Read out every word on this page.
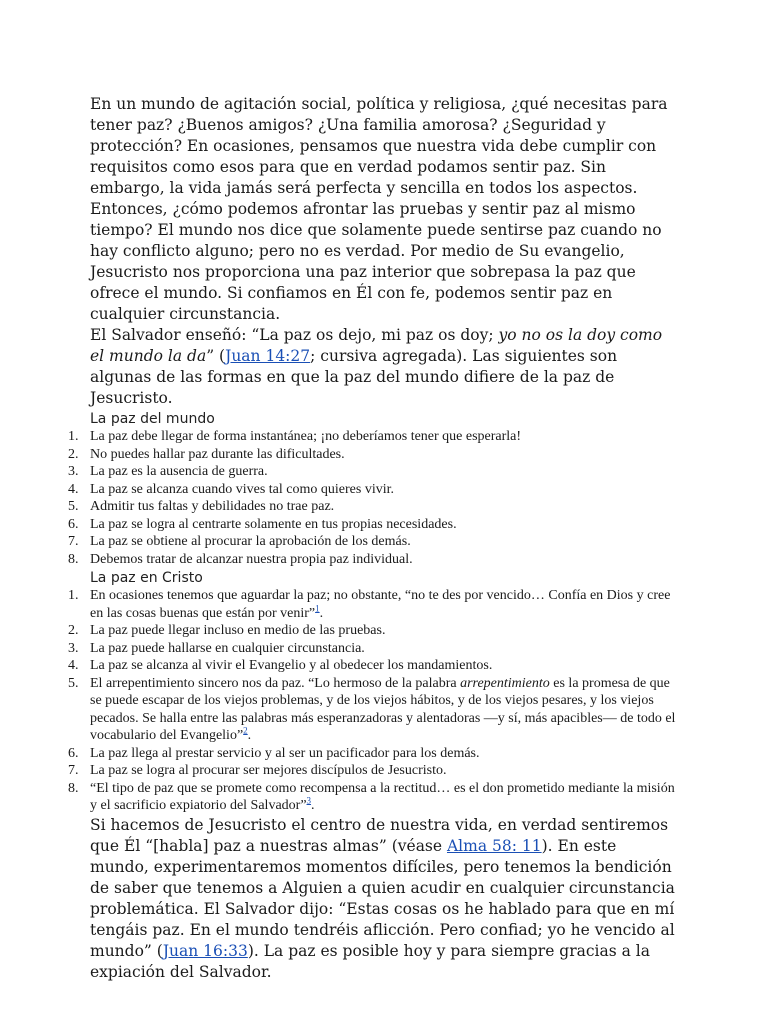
En un mundo de agitación social, política y religiosa, ¿qué necesitas para tener paz? ¿Buenos amigos? ¿Una familia amorosa? ¿Seguridad y protección? En ocasiones, pensamos que nuestra vida debe cumplir con requisitos como esos para que en verdad podamos sentir paz. Sin embargo, la vida jamás será perfecta y sencilla en todos los aspectos. Entonces, ¿cómo podemos afrontar las pruebas y sentir paz al mismo tiempo? El mundo nos dice que solamente puede sentirse paz cuando no hay conflicto alguno; pero no es verdad. Por medio de Su evangelio, Jesucristo nos proporciona una paz interior que sobrepasa la paz que ofrece el mundo. Si confiamos en Él con fe, podemos sentir paz en cualquier circunstancia.

El Salvador enseñó: “La paz os dejo, mi paz os doy; yo no os la doy como el mundo la da” (Juan 14:27; cursiva agregada). Las siguientes son algunas de las formas en que la paz del mundo difiere de la paz de Jesucristo.

La paz del mundo
1. La paz debe llegar de forma instantánea; ¡no deberíamos tener que esperarla!
2. No puedes hallar paz durante las dificultades.
3. La paz es la ausencia de guerra.
4. La paz se alcanza cuando vives tal como quieres vivir.
5. Admitir tus faltas y debilidades no trae paz.
6. La paz se logra al centrarte solamente en tus propias necesidades.
7. La paz se obtiene al procurar la aprobación de los demás.
8. Debemos tratar de alcanzar nuestra propia paz individual.
La paz en Cristo
1. En ocasiones tenemos que aguardar la paz; no obstante, “no te des por vencido… Confía en Dios y cree en las cosas buenas que están por venir”$^1$.
2. La paz puede llegar incluso en medio de las pruebas.
3. La paz puede hallarse en cualquier circunstancia.
4. La paz se alcanza al vivir el Evangelio y al obedecer los mandamientos.
5. El arrepentimiento sincero nos da paz. “Lo hermoso de la palabra arrepentimiento es la promesa de que se puede escapar de los viejos problemas, y de los viejos hábitos, y de los viejos pesares, y los viejos pecados. Se halla entre las palabras más esperanzadoras y alentadoras —y sí, más apacibles— de todo el vocabulario del Evangelio”$^2$.
6. La paz llega al prestar servicio y al ser un pacificador para los demás.
7. La paz se logra al procurar ser mejores discípulos de Jesucristo.
8. “El tipo de paz que se promete como recompensa a la rectitud… es el don prometido mediante la misión y el sacrificio expiatorio del Salvador”$^3$.

Si hacemos de Jesucristo el centro de nuestra vida, en verdad sentiremos que Él “[habla] paz a nuestras almas” (véase Alma 58: 11). En este mundo, experimentaremos momentos difíciles, pero tenemos la bendición de saber que tenemos a Alguien a quien acudir en cualquier circunstancia problemática. El Salvador dijo: “Estas cosas os he hablado para que en mí tengáis paz. En el mundo tendréis aflicción. Pero confiad; yo he vencido al mundo” (Juan 16:33). La paz es posible hoy y para siempre gracias a la expiación del Salvador.
